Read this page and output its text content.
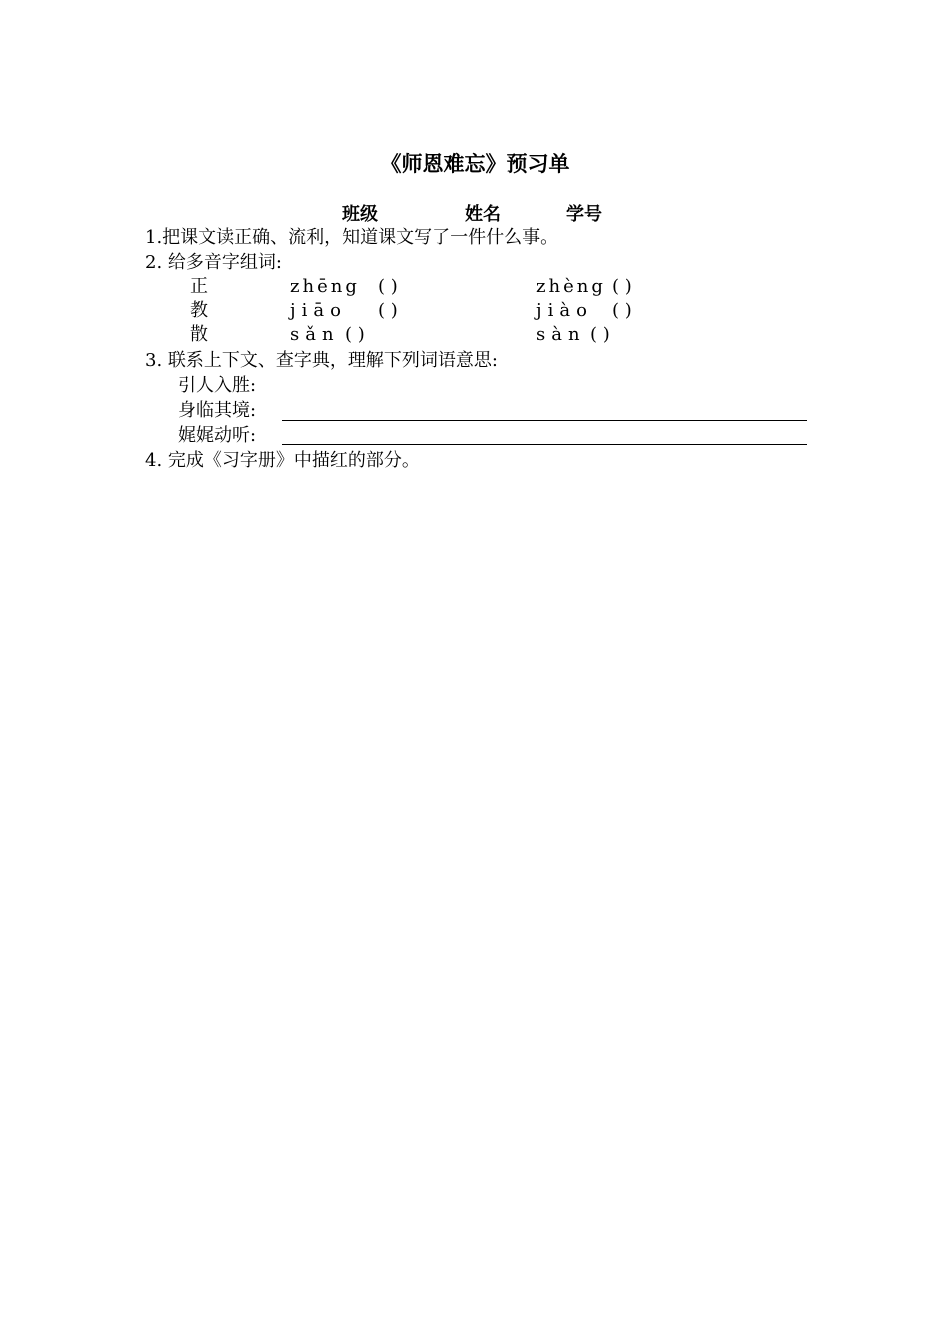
《师恩难忘》预习单
班级	姓名	学号
1.把课文读正确、流利，知道课文写了一件什么事。
2. 给多音字组词:
正	zhēng ( )	zhèng ( )
教	jiāo ( )	jiào ( )
散	sǎn ( )	sàn ( )
3. 联系上下文、查字典，理解下列词语意思:
引人入胜:
身临其境:
娓娓动听:
4. 完成《习字册》中描红的部分。
